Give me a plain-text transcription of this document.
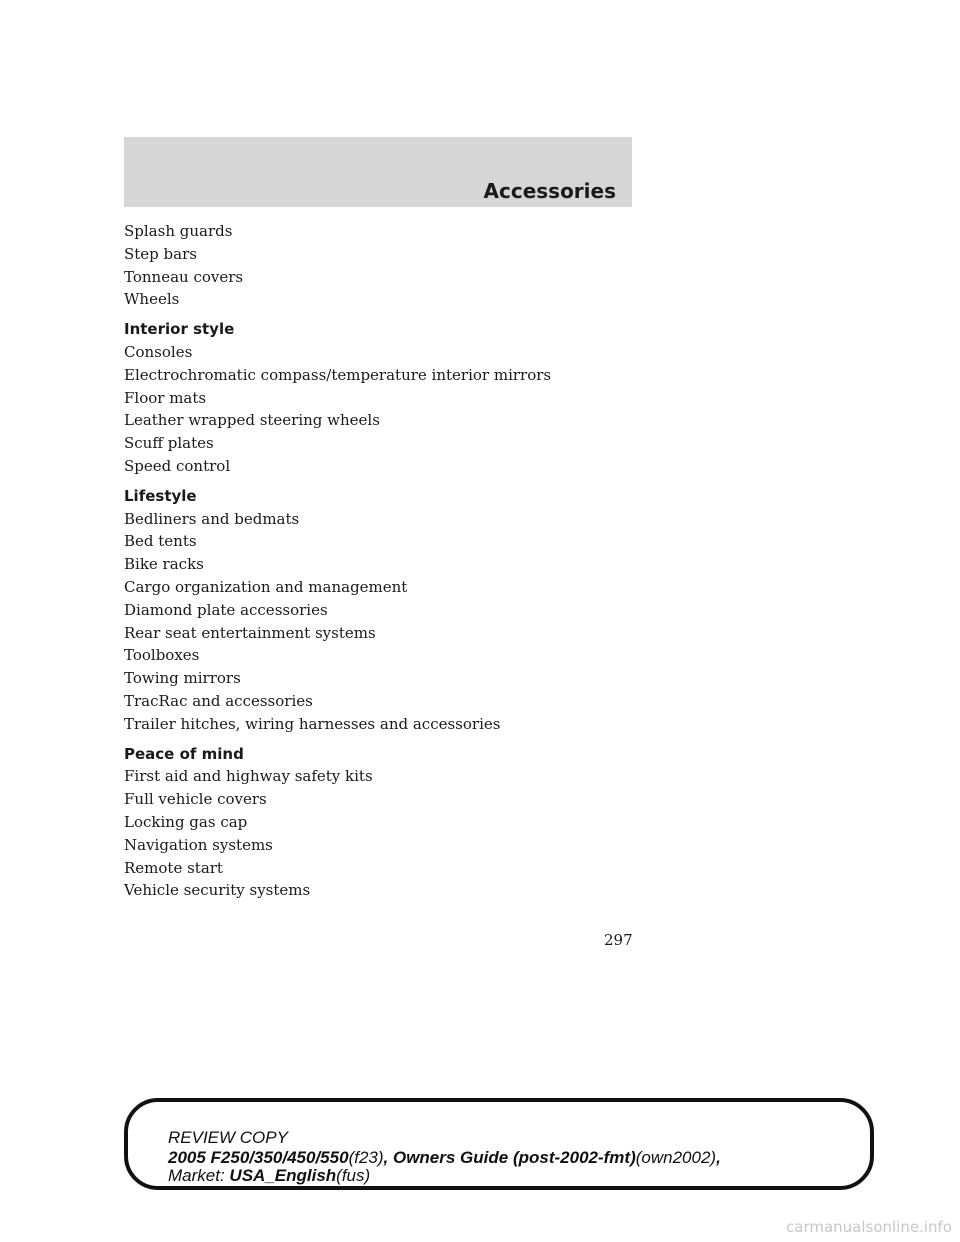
Accessories
Splash guards
Step bars
Tonneau covers
Wheels
Interior style
Consoles
Electrochromatic compass/temperature interior mirrors
Floor mats
Leather wrapped steering wheels
Scuff plates
Speed control
Lifestyle
Bedliners and bedmats
Bed tents
Bike racks
Cargo organization and management
Diamond plate accessories
Rear seat entertainment systems
Toolboxes
Towing mirrors
TracRac and accessories
Trailer hitches, wiring harnesses and accessories
Peace of mind
First aid and highway safety kits
Full vehicle covers
Locking gas cap
Navigation systems
Remote start
Vehicle security systems
297
REVIEW COPY
2005 F250/350/450/550(f23), Owners Guide (post-2002-fmt)(own2002),
Market: USA_English(fus)
carmanualsonline.info
